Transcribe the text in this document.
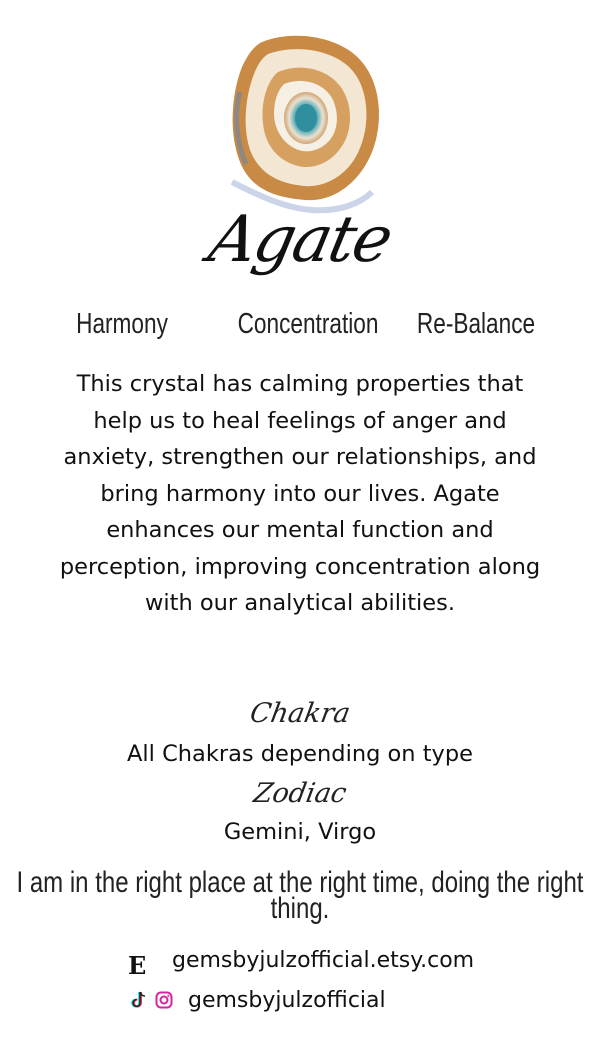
Agate
Harmony	Concentration Re-Balance
This crystal has calming properties that help us to heal feelings of anger and anxiety, strengthen our relationships, and bring harmony into our lives. Agate enhances our mental function and perception, improving concentration along with our analytical abilities.
Chakra
All Chakras depending on type
Zodiac
Gemini, Virgo
I am in the right place at the right time, doing the right thing.
E gemsbyjulzofficial.etsy.com
gemsbyjulzofficial
